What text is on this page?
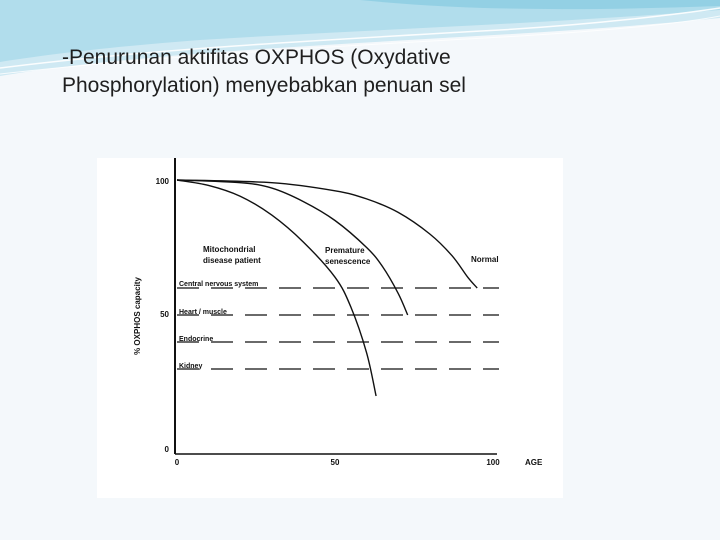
-Penurunan aktifitas OXPHOS (Oxydative
Phosphorylation) menyebabkan penuan sel
% OXPHOS capacity
AGE
100
50
0
0	50	100
Central nervous system
Heart / muscle
Endocrine
Kidney
Mitochondrial
disease patient
Premature
senescence	Normal
